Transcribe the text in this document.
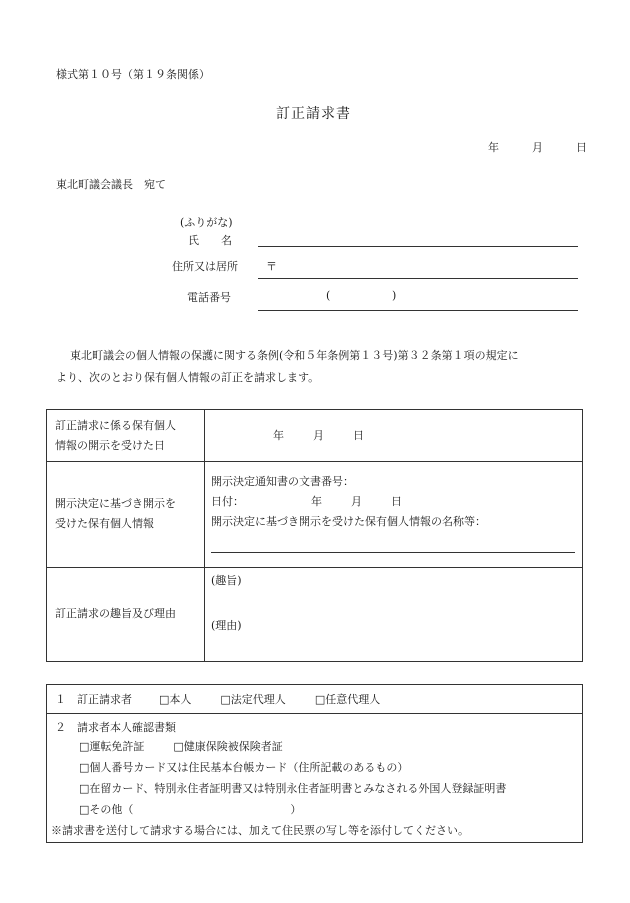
様式第１０号（第１９条関係）
訂正請求書
年	月	日
東北町議会議長　宛て
(ふりがな)
氏　　名
住所又は居所	〒
電話番号	(	)
東北町議会の個人情報の保護に関する条例(令和５年条例第１３号)第３２条第１項の規定に
より、次のとおり保有個人情報の訂正を請求します。
訂正請求に係る保有個人
情報の開示を受けた日
年	月	日
開示決定に基づき開示を
受けた保有個人情報
開示決定通知書の文書番号：
日付：	年	月	日
開示決定に基づき開示を受けた保有個人情報の名称等：
訂正請求の趣旨及び理由
(趣旨)
(理由)
１　訂正請求者 □本人	□法定代理人	□任意代理人
２　請求者本人確認書類
□運転免許証	□健康保険被保険者証
□個人番号カード又は住民基本台帳カード（住所記載のあるもの）
□在留カード、特別永住者証明書又は特別永住者証明書とみなされる外国人登録証明書
□その他（	）
※請求書を送付して請求する場合には、加えて住民票の写し等を添付してください。
